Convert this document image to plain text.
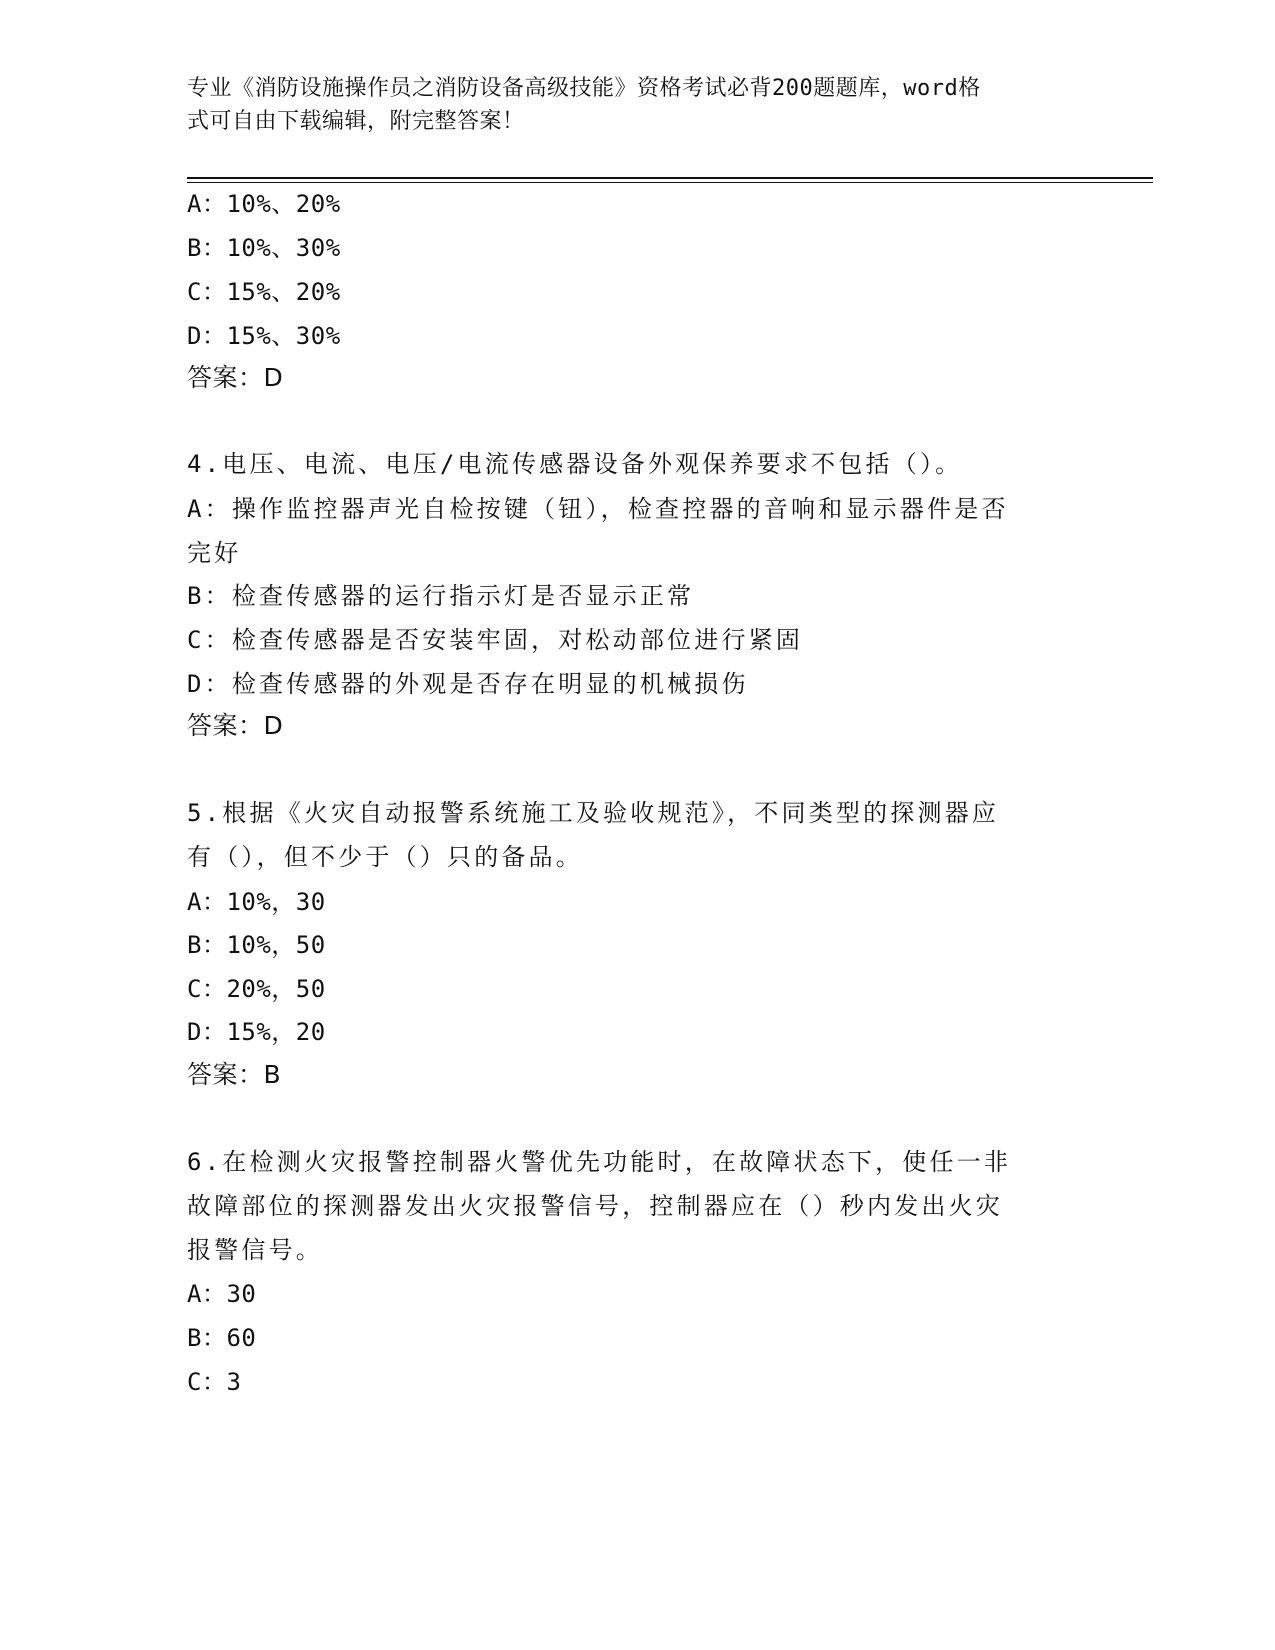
专业《消防设施操作员之消防设备高级技能》资格考试必背200题题库，word格
式可自由下载编辑，附完整答案！
A：10%、20%
B：10%、30%
C：15%、20%
D：15%、30%
答案：D
4.电压、电流、电压/电流传感器设备外观保养要求不包括（）。
A：操作监控器声光自检按键（钮），检查控器的音响和显示器件是否
完好
B：检查传感器的运行指示灯是否显示正常
C：检查传感器是否安装牢固，对松动部位进行紧固
D：检查传感器的外观是否存在明显的机械损伤
答案：D
5.根据《火灾自动报警系统施工及验收规范》，不同类型的探测器应
有（），但不少于（）只的备品。
A：10%，30
B：10%，50
C：20%，50
D：15%，20
答案：B
6.在检测火灾报警控制器火警优先功能时，在故障状态下，使任一非
故障部位的探测器发出火灾报警信号，控制器应在（）秒内发出火灾
报警信号。
A：30
B：60
C：3
